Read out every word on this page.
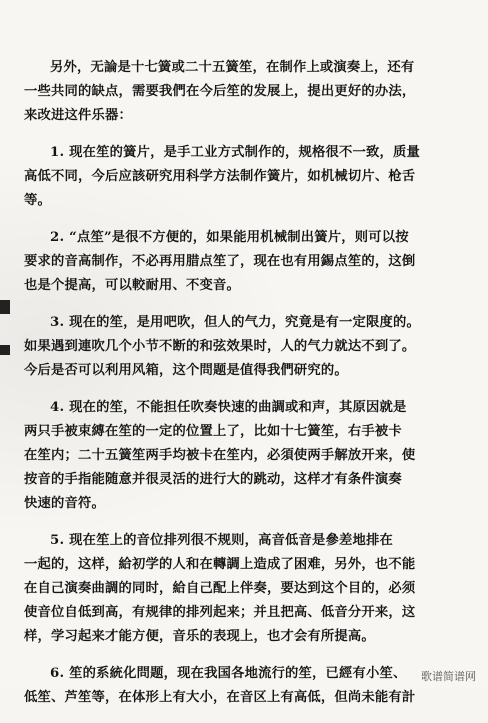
另外，无論是十七簧或二十五簧笙，在制作上或演奏上，还有
一些共同的缺点，需要我們在今后笙的发展上，提出更好的办法，
来改进这件乐器：
1. 现在笙的簧片，是手工业方式制作的，规格很不一致，质量
高低不同，今后应該研究用科学方法制作簧片，如机械切片、枪舌
等。
2. “点笙”是很不方便的，如果能用机械制出簧片，则可以按
要求的音高制作，不必再用腊点笙了，现在也有用錫点笙的，这倒
也是个提高，可以較耐用、不变音。
3. 现在的笙，是用吧吹，但人的气力，究竟是有一定限度的。
如果遇到連吹几个小节不断的和弦效果时，人的气力就达不到了。
今后是否可以利用风箱，这个問题是值得我們研究的。
4. 现在的笙，不能担任吹奏快速的曲調或和声，其原因就是
两只手被束縛在笙的一定的位置上了，比如十七簧笙，右手被卡
在笙内；二十五簧笙两手均被卡在笙内，必須使两手解放开来，使
按音的手指能随意并很灵活的进行大的跳动，这样才有条件演奏
快速的音符。
5. 现在笙上的音位排列很不规则，高音低音是參差地排在
一起的，这样，給初学的人和在轉調上造成了困难，另外，也不能
在自己演奏曲調的同时，給自己配上伴奏，要达到这个目的，必须
使音位自低到高，有规律的排列起来；并且把高、低音分开来，这
样，学习起来才能方便，音乐的表现上，也才会有所提高。
6. 笙的系統化問题，现在我国各地流行的笙，已經有小笙、
低笙、芦笙等，在体形上有大小，在音区上有高低，但尚未能有計
歌谱简谱网
